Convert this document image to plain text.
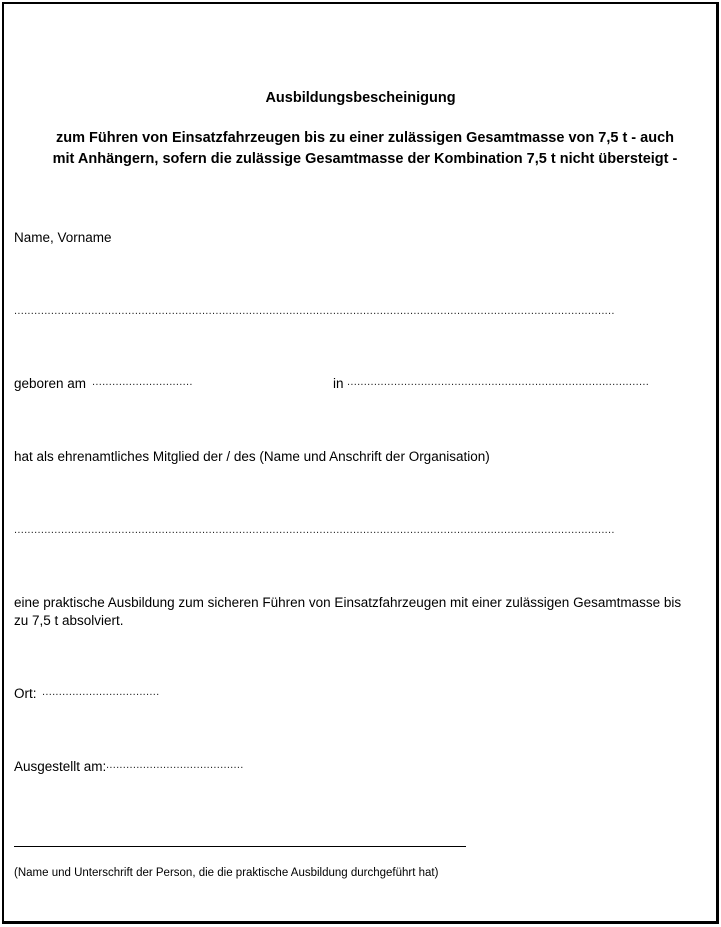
Ausbildungsbescheinigung
zum Führen von Einsatzfahrzeugen bis zu einer zulässigen Gesamtmasse von 7,5 t - auch
mit Anhängern, sofern die zulässige Gesamtmasse der Kombination 7,5 t nicht übersteigt -
Name, Vorname
...................................................................................................................................................................................
geboren am ..............................	in ..........................................................................................
hat als ehrenamtliches Mitglied der / des (Name und Anschrift der Organisation)
...................................................................................................................................................................................
eine praktische Ausbildung zum sicheren Führen von Einsatzfahrzeugen mit einer zulässigen Gesamtmasse bis
zu 7,5 t absolviert.
Ort: ...................................
Ausgestellt am: .........................................
(Name und Unterschrift der Person, die die praktische Ausbildung durchgeführt hat)
